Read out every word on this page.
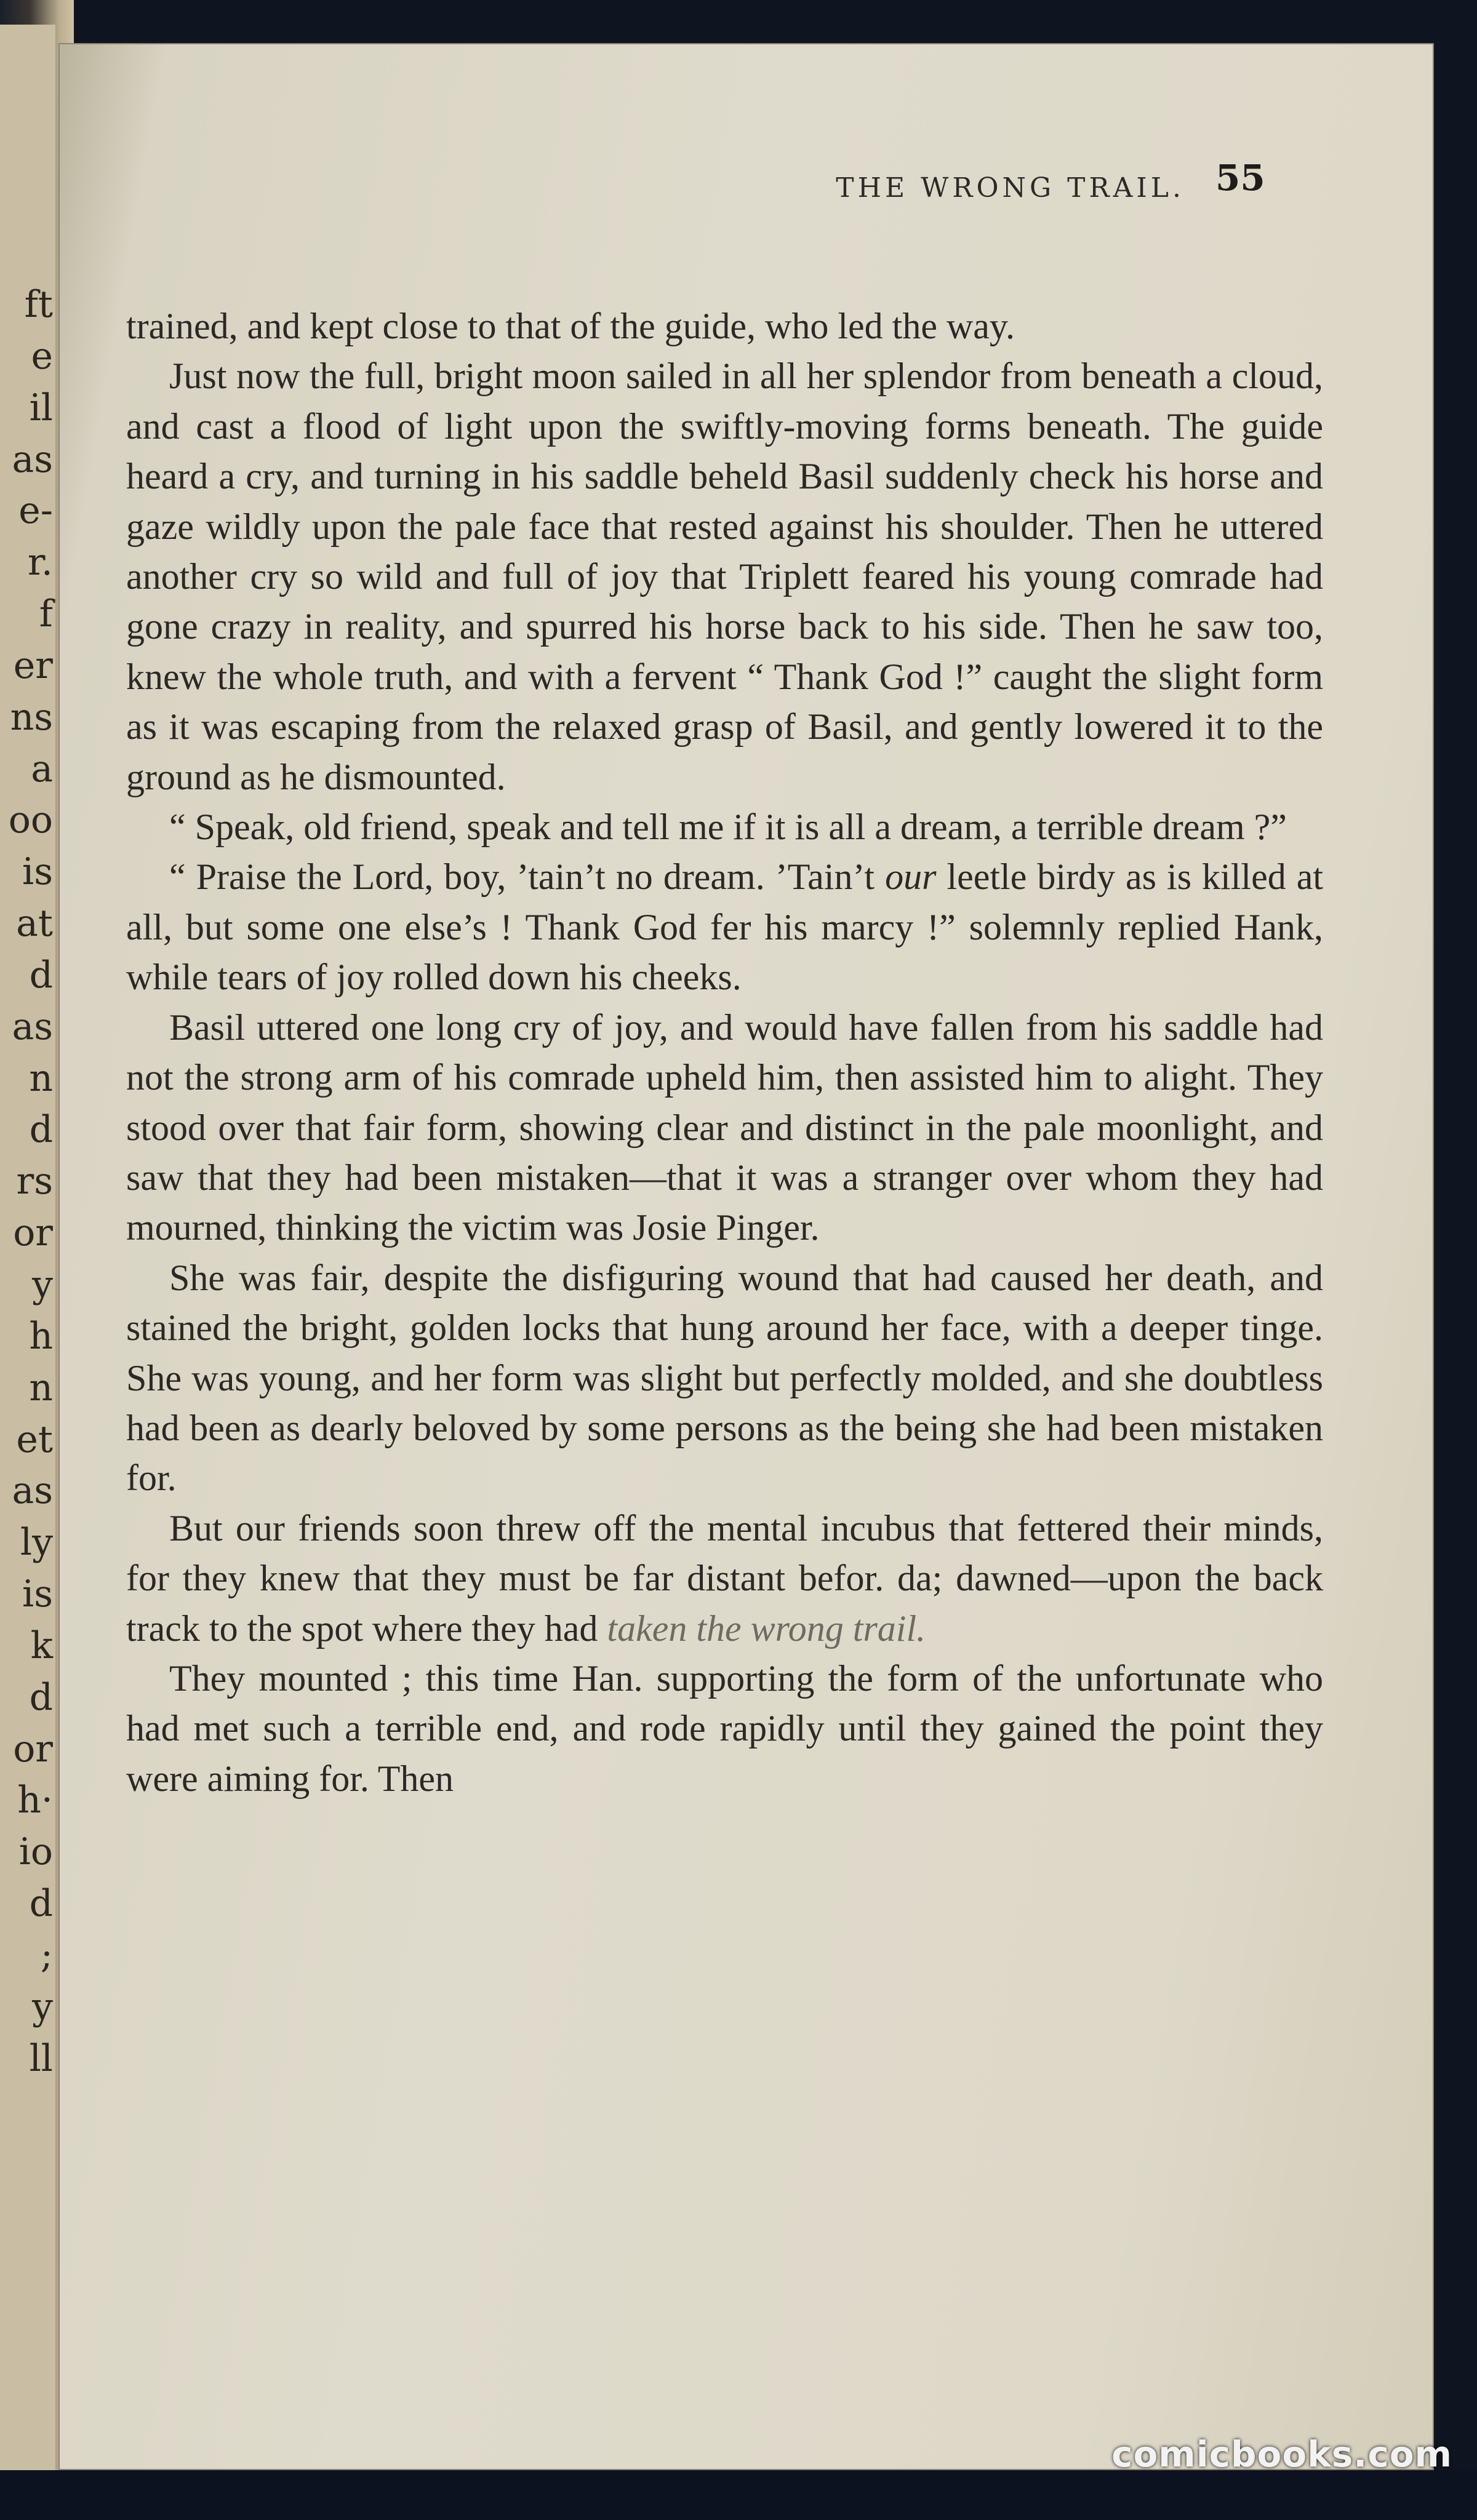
ft
e
il
as
e-
r.
f
er
ns
a
oo
is
at
d
as
n
d
rs
or
y
h
n
et
as
ly
is
k
d
or
h·
io
d
;
y
ll
THE WRONG TRAIL. 55

trained, and kept close to that of the guide, who led the way.

Just now the full, bright moon sailed in all her splendor from beneath a cloud, and cast a flood of light upon the swiftly-moving forms beneath. The guide heard a cry, and turning in his saddle beheld Basil suddenly check his horse and gaze wildly upon the pale face that rested against his shoulder. Then he uttered another cry so wild and full of joy that Triplett feared his young comrade had gone crazy in reality, and spurred his horse back to his side. Then he saw too, knew the whole truth, and with a fervent “ Thank God !” caught the slight form as it was escaping from the relaxed grasp of Basil, and gently lowered it to the ground as he dismounted.

“ Speak, old friend, speak and tell me if it is all a dream, a terrible dream ?”

“ Praise the Lord, boy, ’tain’t no dream. ’Tain’t our leetle birdy as is killed at all, but some one else’s ! Thank God fer his marcy !” solemnly replied Hank, while tears of joy rolled down his cheeks.

Basil uttered one long cry of joy, and would have fallen from his saddle had not the strong arm of his comrade upheld him, then assisted him to alight. They stood over that fair form, showing clear and distinct in the pale moonlight, and saw that they had been mistaken—that it was a stranger over whom they had mourned, thinking the victim was Josie Pinger.

She was fair, despite the disfiguring wound that had caused her death, and stained the bright, golden locks that hung around her face, with a deeper tinge. She was young, and her form was slight but perfectly molded, and she doubtless had been as dearly beloved by some persons as the being she had been mistaken for.

But our friends soon threw off the mental incubus that fettered their minds, for they knew that they must be far distant befor. da; dawned—upon the back track to the spot where they had taken the wrong trail.

They mounted ; this time Han. supporting the form of the unfortunate who had met such a terrible end, and rode rapidly until they gained the point they were aiming for. Then

comicbooks.com
